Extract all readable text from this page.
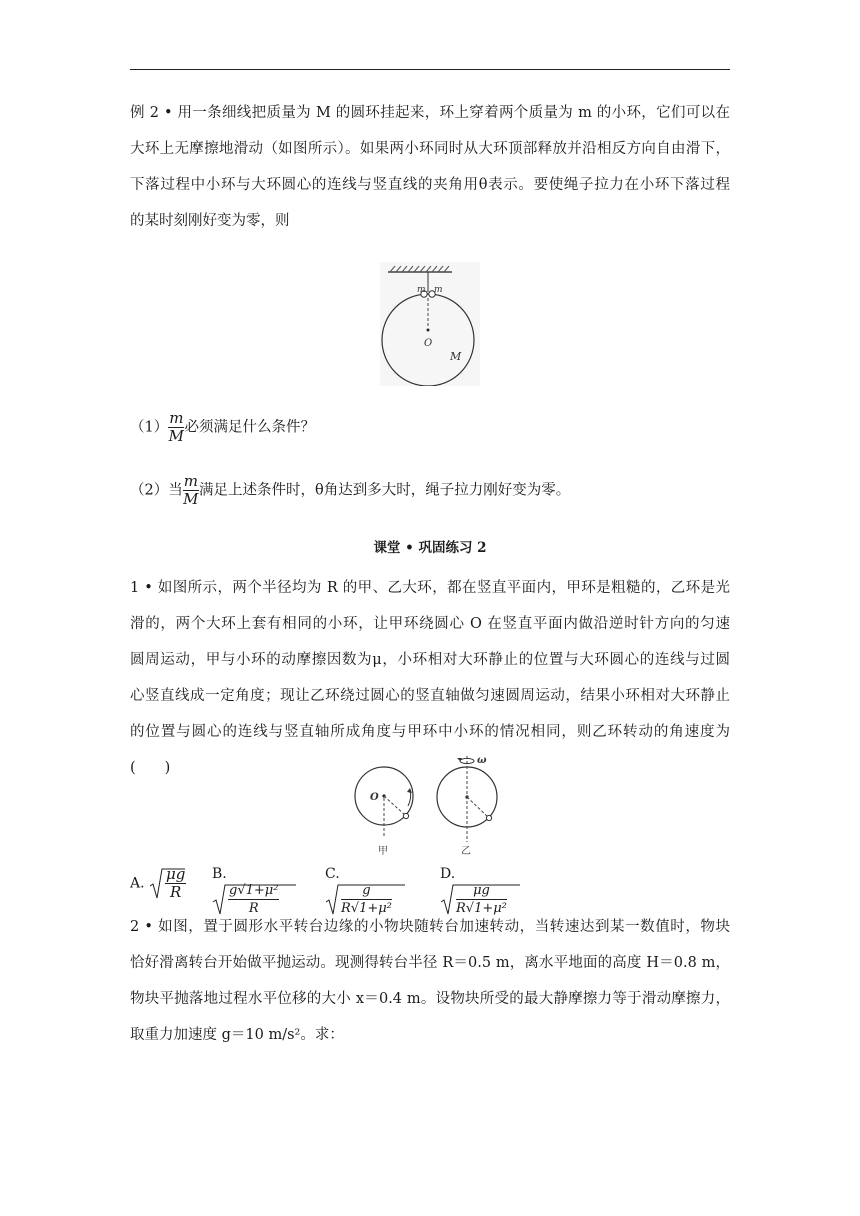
例 2 • 用一条细线把质量为 M 的圆环挂起来，环上穿着两个质量为 m 的小环，它们可以在
大环上无摩擦地滑动（如图所示）。如果两小环同时从大环顶部释放并沿相反方向自由滑下，
下落过程中小环与大环圆心的连线与竖直线的夹角用θ表示。要使绳子拉力在小环下落过程
的某时刻刚好变为零，则
m m
O
M
$(1) \frac{m}{M}$ 必须满足什么条件？
（2）当 $\frac{m}{M}$ 满足上述条件时，θ角达到多大时，绳子拉力刚好变为零。
课堂 • 巩固练习 2
1 • 如图所示，两个半径均为 R 的甲、乙大环，都在竖直平面内，甲环是粗糙的，乙环是光
滑的，两个大环上套有相同的小环，让甲环绕圆心 O 在竖直平面内做沿逆时针方向的匀速
圆周运动，甲与小环的动摩擦因数为μ，小环相对大环静止的位置与大环圆心的连线与过圆
心竖直线成一定角度；现让乙环绕过圆心的竖直轴做匀速圆周运动，结果小环相对大环静止
的位置与圆心的连线与竖直轴所成角度与甲环中小环的情况相同，则乙环转动的角速度为
(　　)
O
甲
ω
乙
A. $\frac{\mu g}{R} B$.
$\frac{\text{g√1+μ²}}{R}$
C.
$\frac{g}{\text{R√1+μ²}}$
D.
$\frac{\mu g}{\text{R√1+μ²}}$
2 • 如图，置于圆形水平转台边缘的小物块随转台加速转动，当转速达到某一数值时，物块
恰好滑离转台开始做平抛运动。现测得转台半径 R＝0.5 m，离水平地面的高度 H＝0.8 m，
物块平抛落地过程水平位移的大小 x＝0.4 m。设物块所受的最大静摩擦力等于滑动摩擦力，
取重力加速度 g＝10 m/s²。求：
